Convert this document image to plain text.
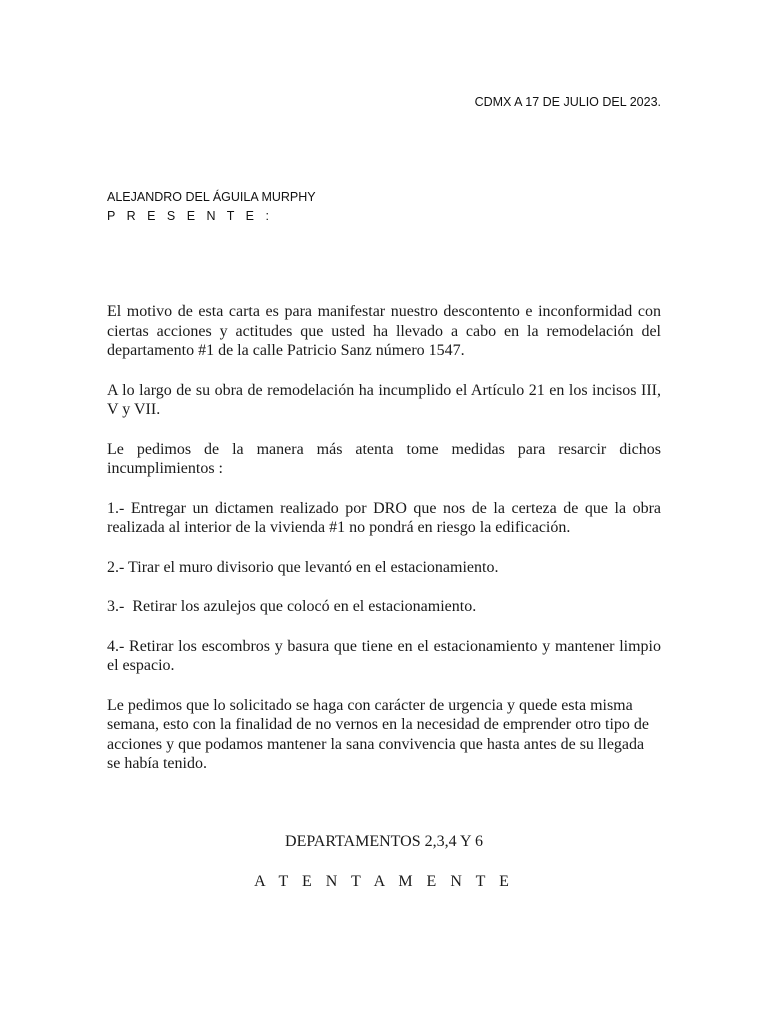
CDMX A 17 DE JULIO DEL 2023.
ALEJANDRO DEL ÁGUILA MURPHY
P R E S E N T E :

El motivo de esta carta es para manifestar nuestro descontento e inconformidad con ciertas acciones y actitudes que usted ha llevado a cabo en la remodelación del departamento #1 de la calle Patricio Sanz número 1547.

A lo largo de su obra de remodelación ha incumplido el Artículo 21 en los incisos III, V y VII.

Le pedimos de la manera más atenta tome medidas para resarcir dichos incumplimientos :

1.- Entregar un dictamen realizado por DRO que nos de la certeza de que la obra realizada al interior de la vivienda #1 no pondrá en riesgo la edificación.

2.- Tirar el muro divisorio que levantó en el estacionamiento.

3.-  Retirar los azulejos que colocó en el estacionamiento.

4.- Retirar los escombros y basura que tiene en el estacionamiento y mantener limpio el espacio.

Le pedimos que lo solicitado se haga con carácter de urgencia y quede esta misma semana, esto con la finalidad de no vernos en la necesidad de emprender otro tipo de acciones y que podamos mantener la sana convivencia que hasta antes de su llegada se había tenido.

DEPARTAMENTOS 2,3,4 Y 6
A T E N T A M E N T E
